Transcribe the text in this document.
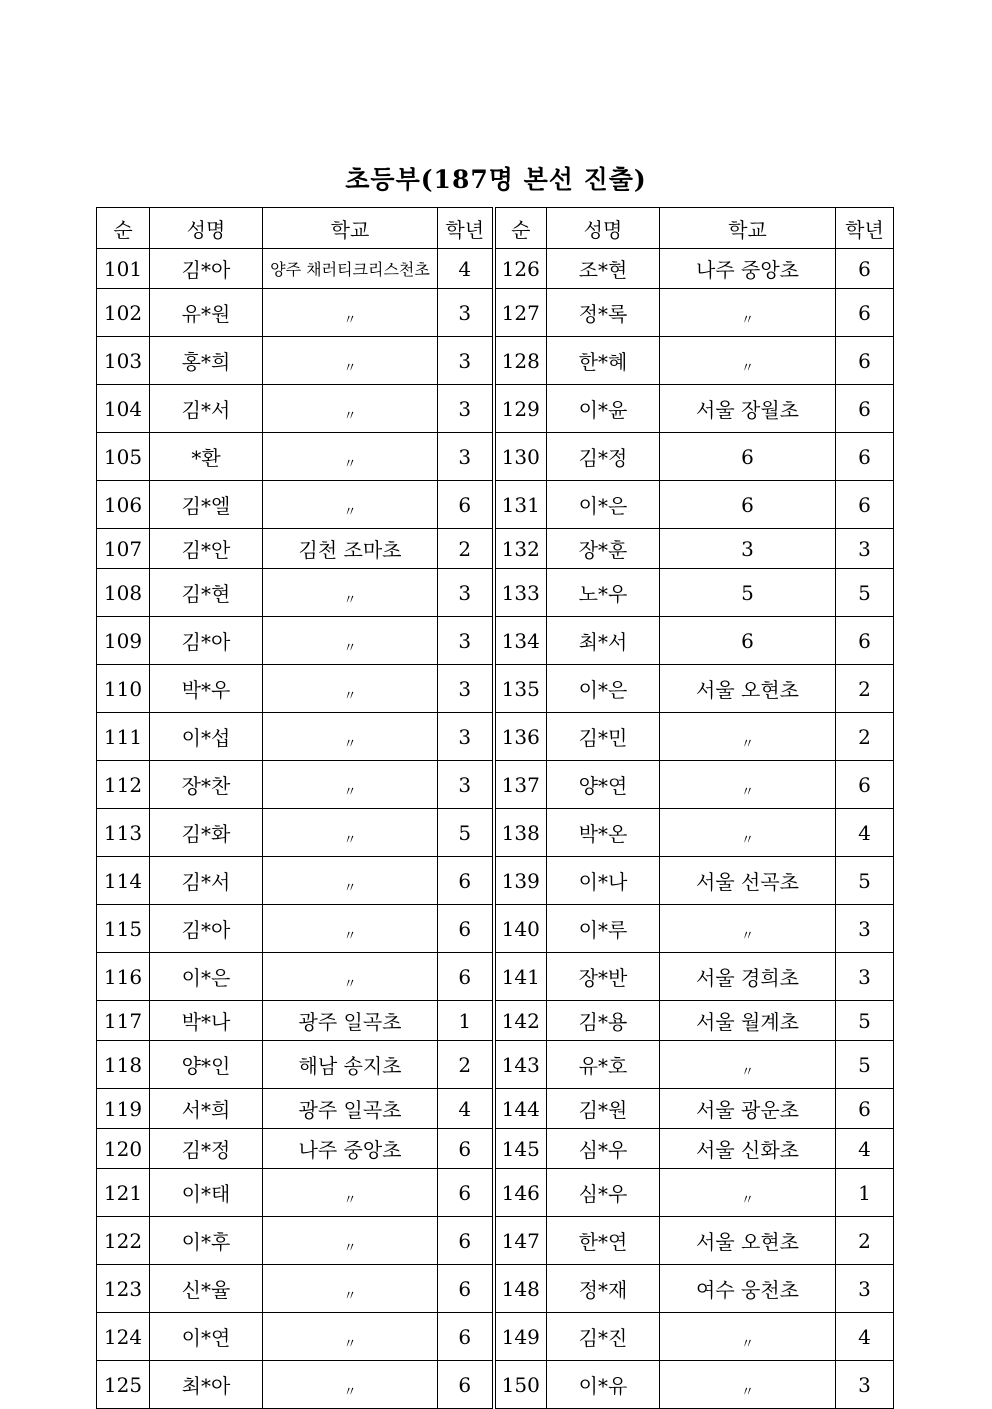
초등부(187명 본선 진출)
순	성명	학교	학년	순	성명	학교	학년
101	김*아	양주 채러티크리스천초	4	126	조*현	나주 중앙초	6
102	유*원	〃	3	127	정*록	〃	6
103	홍*희	〃	3	128	한*혜	〃	6
104	김*서	〃	3	129	이*윤	서울 장월초	6
105	*환	〃	3	130	김*정	6	6
106	김*엘	〃	6	131	이*은	6	6
107	김*안	김천 조마초	2	132	장*훈	3	3
108	김*현	〃	3	133	노*우	5	5
109	김*아	〃	3	134	최*서	6	6
110	박*우	〃	3	135	이*은	서울 오현초	2
111	이*섭	〃	3	136	김*민	〃	2
112	장*찬	〃	3	137	양*연	〃	6
113	김*화	〃	5	138	박*온	〃	4
114	김*서	〃	6	139	이*나	서울 선곡초	5
115	김*아	〃	6	140	이*루	〃	3
116	이*은	〃	6	141	장*반	서울 경희초	3
117	박*나	광주 일곡초	1	142	김*용	서울 월계초	5
118	양*인	해남 송지초	2	143	유*호	〃	5
119	서*희	광주 일곡초	4	144	김*원	서울 광운초	6
120	김*정	나주 중앙초	6	145	심*우	서울 신화초	4
121	이*태	〃	6	146	심*우	〃	1
122	이*후	〃	6	147	한*연	서울 오현초	2
123	신*율	〃	6	148	정*재	여수 웅천초	3
124	이*연	〃	6	149	김*진	〃	4
125	최*아	〃	6	150	이*유	〃	3
